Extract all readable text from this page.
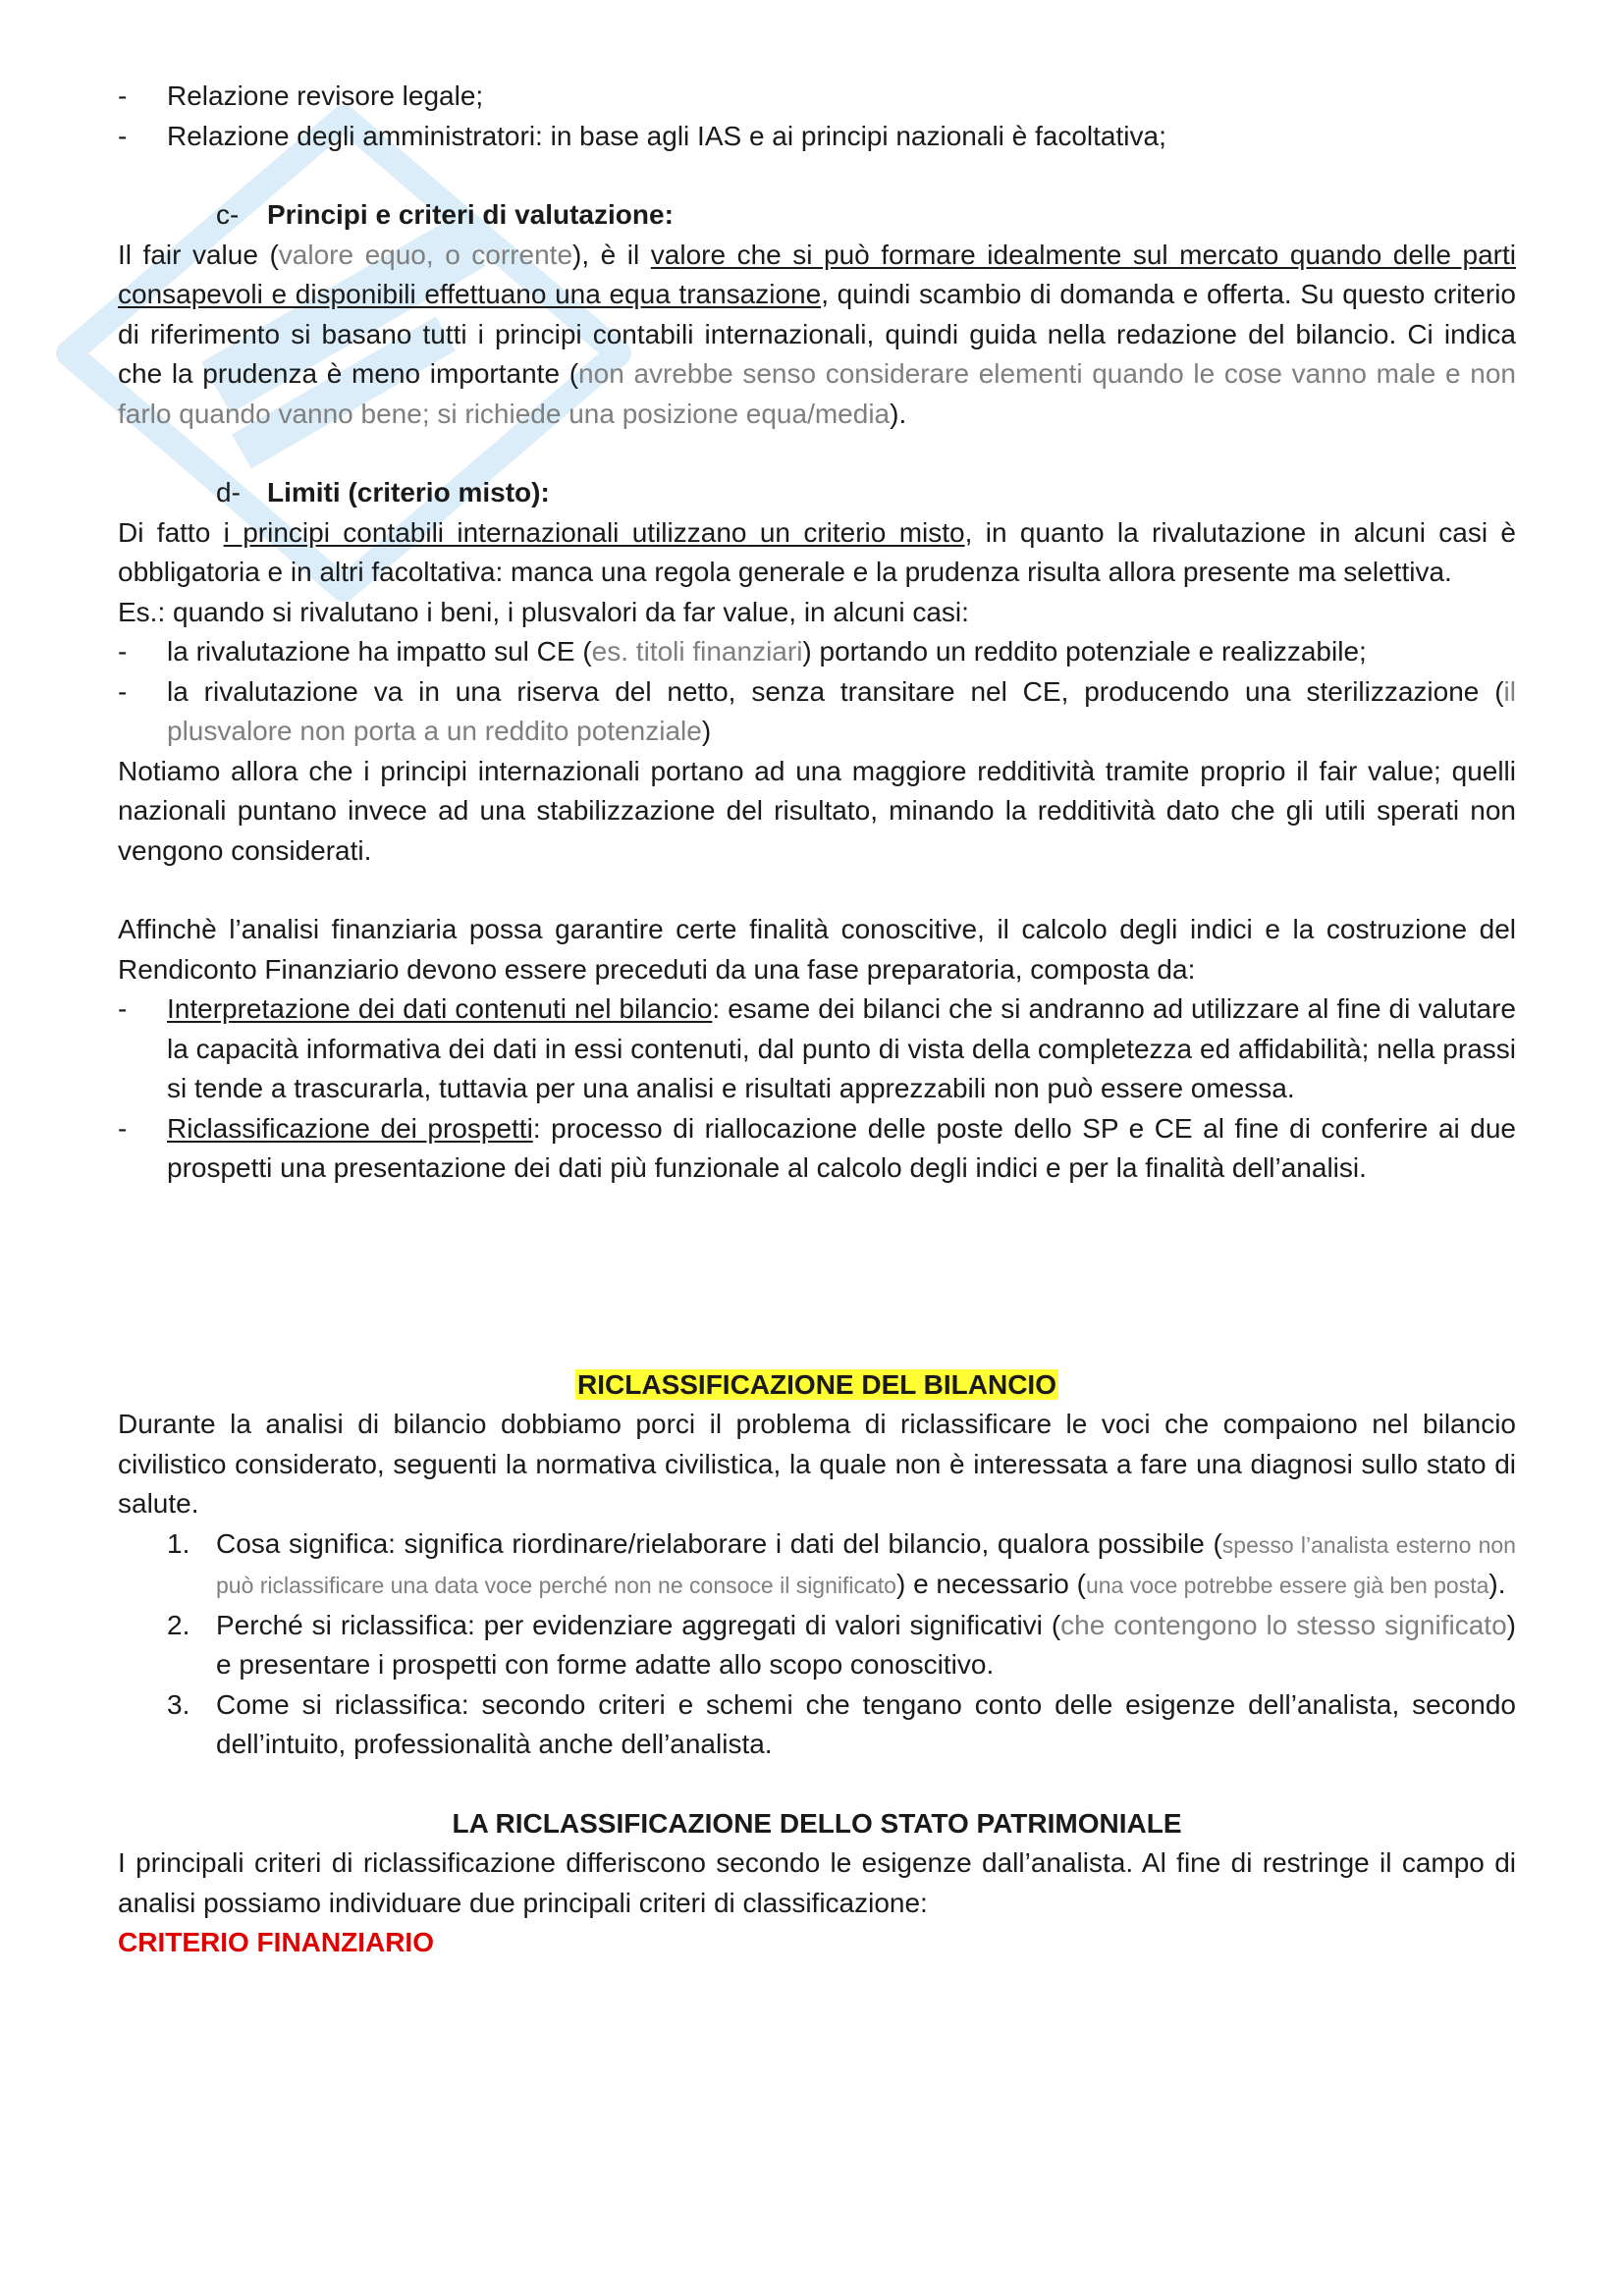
-	Relazione revisore legale;
-	Relazione degli amministratori: in base agli IAS e ai principi nazionali è facoltativa;

c- Principi e criteri di valutazione:

Il fair value (valore equo, o corrente), è il valore che si può formare idealmente sul mercato quando delle parti consapevoli e disponibili effettuano una equa transazione, quindi scambio di domanda e offerta. Su questo criterio di riferimento si basano tutti i principi contabili internazionali, quindi guida nella redazione del bilancio. Ci indica che la prudenza è meno importante (non avrebbe senso considerare elementi quando le cose vanno male e non farlo quando vanno bene; si richiede una posizione equa/media).

d- Limiti (criterio misto):

Di fatto i principi contabili internazionali utilizzano un criterio misto, in quanto la rivalutazione in alcuni casi è obbligatoria e in altri facoltativa: manca una regola generale e la prudenza risulta allora presente ma selettiva.

Es.: quando si rivalutano i beni, i plusvalori da far value, in alcuni casi:

-	la rivalutazione ha impatto sul CE (es. titoli finanziari) portando un reddito potenziale e realizzabile;
-	la rivalutazione va in una riserva del netto, senza transitare nel CE, producendo una sterilizzazione (il plusvalore non porta a un reddito potenziale)

Notiamo allora che i principi internazionali portano ad una maggiore redditività tramite proprio il fair value; quelli nazionali puntano invece ad una stabilizzazione del risultato, minando la redditività dato che gli utili sperati non vengono considerati.

Affinchè l’analisi finanziaria possa garantire certe finalità conoscitive, il calcolo degli indici e la costruzione del Rendiconto Finanziario devono essere preceduti da una fase preparatoria, composta da:

-	Interpretazione dei dati contenuti nel bilancio: esame dei bilanci che si andranno ad utilizzare al fine di valutare la capacità informativa dei dati in essi contenuti, dal punto di vista della completezza ed affidabilità; nella prassi si tende a trascurarla, tuttavia per una analisi e risultati apprezzabili non può essere omessa.
-	Riclassificazione dei prospetti: processo di riallocazione delle poste dello SP e CE al fine di conferire ai due prospetti una presentazione dei dati più funzionale al calcolo degli indici e per la finalità dell’analisi.

RICLASSIFICAZIONE DEL BILANCIO

Durante la analisi di bilancio dobbiamo porci il problema di riclassificare le voci che compaiono nel bilancio civilistico considerato, seguenti la normativa civilistica, la quale non è interessata a fare una diagnosi sullo stato di salute.

1. Cosa significa: significa riordinare/rielaborare i dati del bilancio, qualora possibile (spesso l’analista esterno non può riclassificare una data voce perché non ne consoce il significato) e necessario (una voce potrebbe essere già ben posta).
2. Perché si riclassifica: per evidenziare aggregati di valori significativi (che contengono lo stesso significato) e presentare i prospetti con forme adatte allo scopo conoscitivo.
3. Come si riclassifica: secondo criteri e schemi che tengano conto delle esigenze dell’analista, secondo dell’intuito, professionalità anche dell’analista.

LA RICLASSIFICAZIONE DELLO STATO PATRIMONIALE

I principali criteri di riclassificazione differiscono secondo le esigenze dall’analista. Al fine di restringe il campo di analisi possiamo individuare due principali criteri di classificazione:

CRITERIO FINANZIARIO
